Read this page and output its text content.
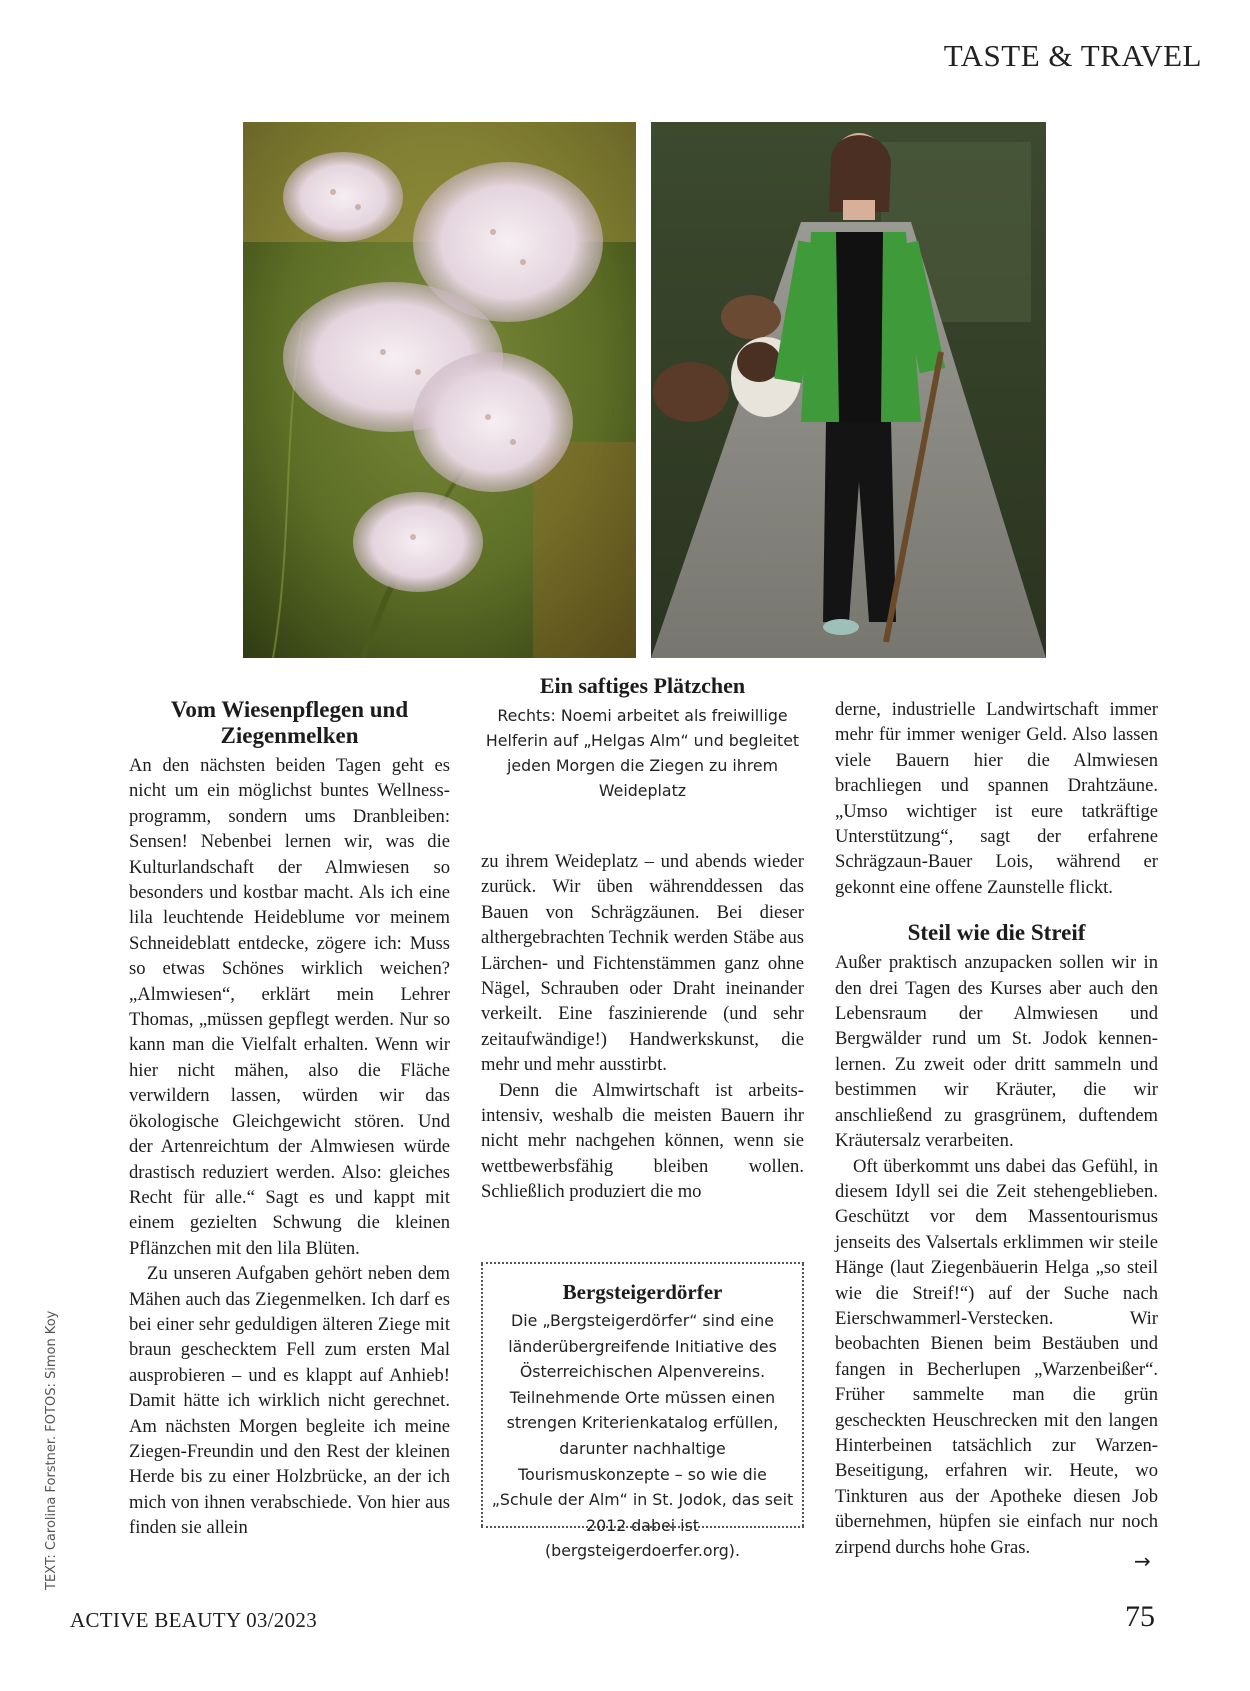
TASTE & TRAVEL
Vom Wiesenpflegen und Ziegenmelken

An den nächsten beiden Tagen geht es nicht um ein möglichst buntes Wellnessprogramm, sondern ums Dranbleiben: Sensen! Nebenbei lernen wir, was die Kulturlandschaft der Almwiesen so besonders und kostbar macht. Als ich eine lila leuchtende Heideblume vor meinem Schneideblatt entdecke, zögere ich: Muss so etwas Schönes wirklich weichen? „Almwiesen“, erklärt mein Lehrer Thomas, „müssen gepflegt werden. Nur so kann man die Vielfalt erhalten. Wenn wir hier nicht mähen, also die Fläche verwildern lassen, würden wir das ökologische Gleichgewicht stören. Und der Artenreichtum der Almwiesen würde drastisch reduziert werden. Also: gleiches Recht für alle.“ Sagt es und kappt mit einem gezielten Schwung die kleinen Pflänzchen mit den lila Blüten.

Zu unseren Aufgaben gehört neben dem Mähen auch das Ziegenmelken. Ich darf es bei einer sehr geduldigen älteren Ziege mit braun geschecktem Fell zum ersten Mal ausprobieren – und es klappt auf Anhieb! Damit hätte ich wirklich nicht gerechnet. Am nächsten Morgen begleite ich meine Ziegen-Freundin und den Rest der kleinen Herde bis zu einer Holzbrücke, an der ich mich von ihnen verabschiede. Von hier aus finden sie allein

Ein saftiges Plätzchen
Rechts: Noemi arbeitet als freiwillige Helferin auf „Helgas Alm“ und begleitet jeden Morgen die Ziegen zu ihrem Weideplatz

zu ihrem Weideplatz – und abends wieder zurück. Wir üben währenddessen das Bauen von Schrägzäunen. Bei dieser althergebrachten Technik werden Stäbe aus Lärchen- und Fichtenstämmen ganz ohne Nägel, Schrauben oder Draht ineinander verkeilt. Eine faszinierende (und sehr zeitaufwändige!) Handwerkskunst, die mehr und mehr ausstirbt.

Denn die Almwirtschaft ist arbeitsintensiv, weshalb die meisten Bauern ihr nicht mehr nachgehen können, wenn sie wettbewerbsfähig bleiben wollen. Schließlich produziert die mo

Bergsteigerdörfer
Die „Bergsteigerdörfer“ sind eine länderübergreifende Initiative des Österreichischen Alpenvereins. Teilnehmende Orte müssen einen strengen Kriterienkatalog erfüllen, darunter nachhaltige Tourismuskonzepte – so wie die „Schule der Alm“ in St. Jodok, das seit 2012 dabei ist (bergsteigerdoerfer.org).

derne, industrielle Landwirtschaft immer mehr für immer weniger Geld. Also lassen viele Bauern hier die Almwiesen brachliegen und spannen Drahtzäune. „Umso wichtiger ist eure tatkräftige Unterstützung“, sagt der erfahrene Schrägzaun-Bauer Lois, während er gekonnt eine offene Zaunstelle flickt.

Steil wie die Streif

Außer praktisch anzupacken sollen wir in den drei Tagen des Kurses aber auch den Lebensraum der Almwiesen und Bergwälder rund um St. Jodok kennenlernen. Zu zweit oder dritt sammeln und bestimmen wir Kräuter, die wir anschließend zu grasgrünem, duftendem Kräutersalz verarbeiten.

Oft überkommt uns dabei das Gefühl, in diesem Idyll sei die Zeit stehengeblieben. Geschützt vor dem Massentourismus jenseits des Valsertals erklimmen wir steile Hänge (laut Ziegenbäuerin Helga „so steil wie die Streif!“) auf der Suche nach Eierschwammerl-Verstecken. Wir beobachten Bienen beim Bestäuben und fangen in Becherlupen „Warzenbeißer“. Früher sammelte man die grün gescheckten Heuschrecken mit den langen Hinterbeinen tatsächlich zur Warzen-Beseitigung, erfahren wir. Heute, wo Tinkturen aus der Apotheke diesen Job übernehmen, hüpfen sie einfach nur noch zirpend durchs hohe Gras.

→
TEXT: Carolina Forstner. FOTOS: Simon Koy
ACTIVE BEAUTY 03/2023	75
